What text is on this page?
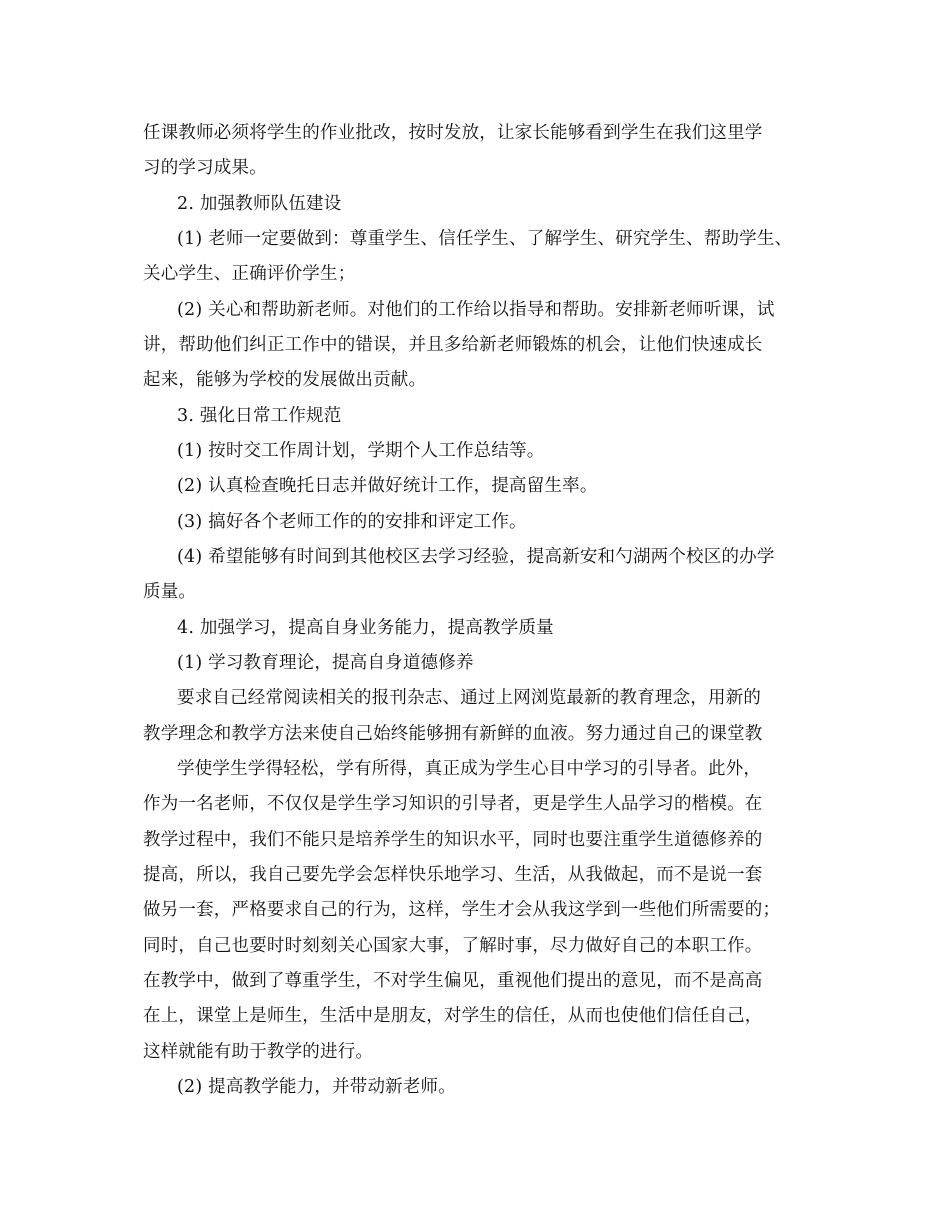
任课教师必须将学生的作业批改，按时发放，让家长能够看到学生在我们这里学
习的学习成果。
2. 加强教师队伍建设
(1) 老师一定要做到：尊重学生、信任学生、了解学生、研究学生、帮助学生、
关心学生、正确评价学生；
(2) 关心和帮助新老师。对他们的工作给以指导和帮助。安排新老师听课，试
讲，帮助他们纠正工作中的错误，并且多给新老师锻炼的机会，让他们快速成长
起来，能够为学校的发展做出贡献。
3. 强化日常工作规范
(1) 按时交工作周计划，学期个人工作总结等。
(2) 认真检查晚托日志并做好统计工作，提高留生率。
(3) 搞好各个老师工作的的安排和评定工作。
(4) 希望能够有时间到其他校区去学习经验，提高新安和勺湖两个校区的办学
质量。
4. 加强学习，提高自身业务能力，提高教学质量
(1) 学习教育理论，提高自身道德修养
要求自己经常阅读相关的报刊杂志、通过上网浏览最新的教育理念，用新的
教学理念和教学方法来使自己始终能够拥有新鲜的血液。努力通过自己的课堂教
学使学生学得轻松，学有所得，真正成为学生心目中学习的引导者。此外，
作为一名老师，不仅仅是学生学习知识的引导者，更是学生人品学习的楷模。在
教学过程中，我们不能只是培养学生的知识水平，同时也要注重学生道德修养的
提高，所以，我自己要先学会怎样快乐地学习、生活，从我做起，而不是说一套
做另一套，严格要求自己的行为，这样，学生才会从我这学到一些他们所需要的；
同时，自己也要时时刻刻关心国家大事，了解时事，尽力做好自己的本职工作。
在教学中，做到了尊重学生，不对学生偏见，重视他们提出的意见，而不是高高
在上，课堂上是师生，生活中是朋友，对学生的信任，从而也使他们信任自己，
这样就能有助于教学的进行。
(2) 提高教学能力，并带动新老师。
